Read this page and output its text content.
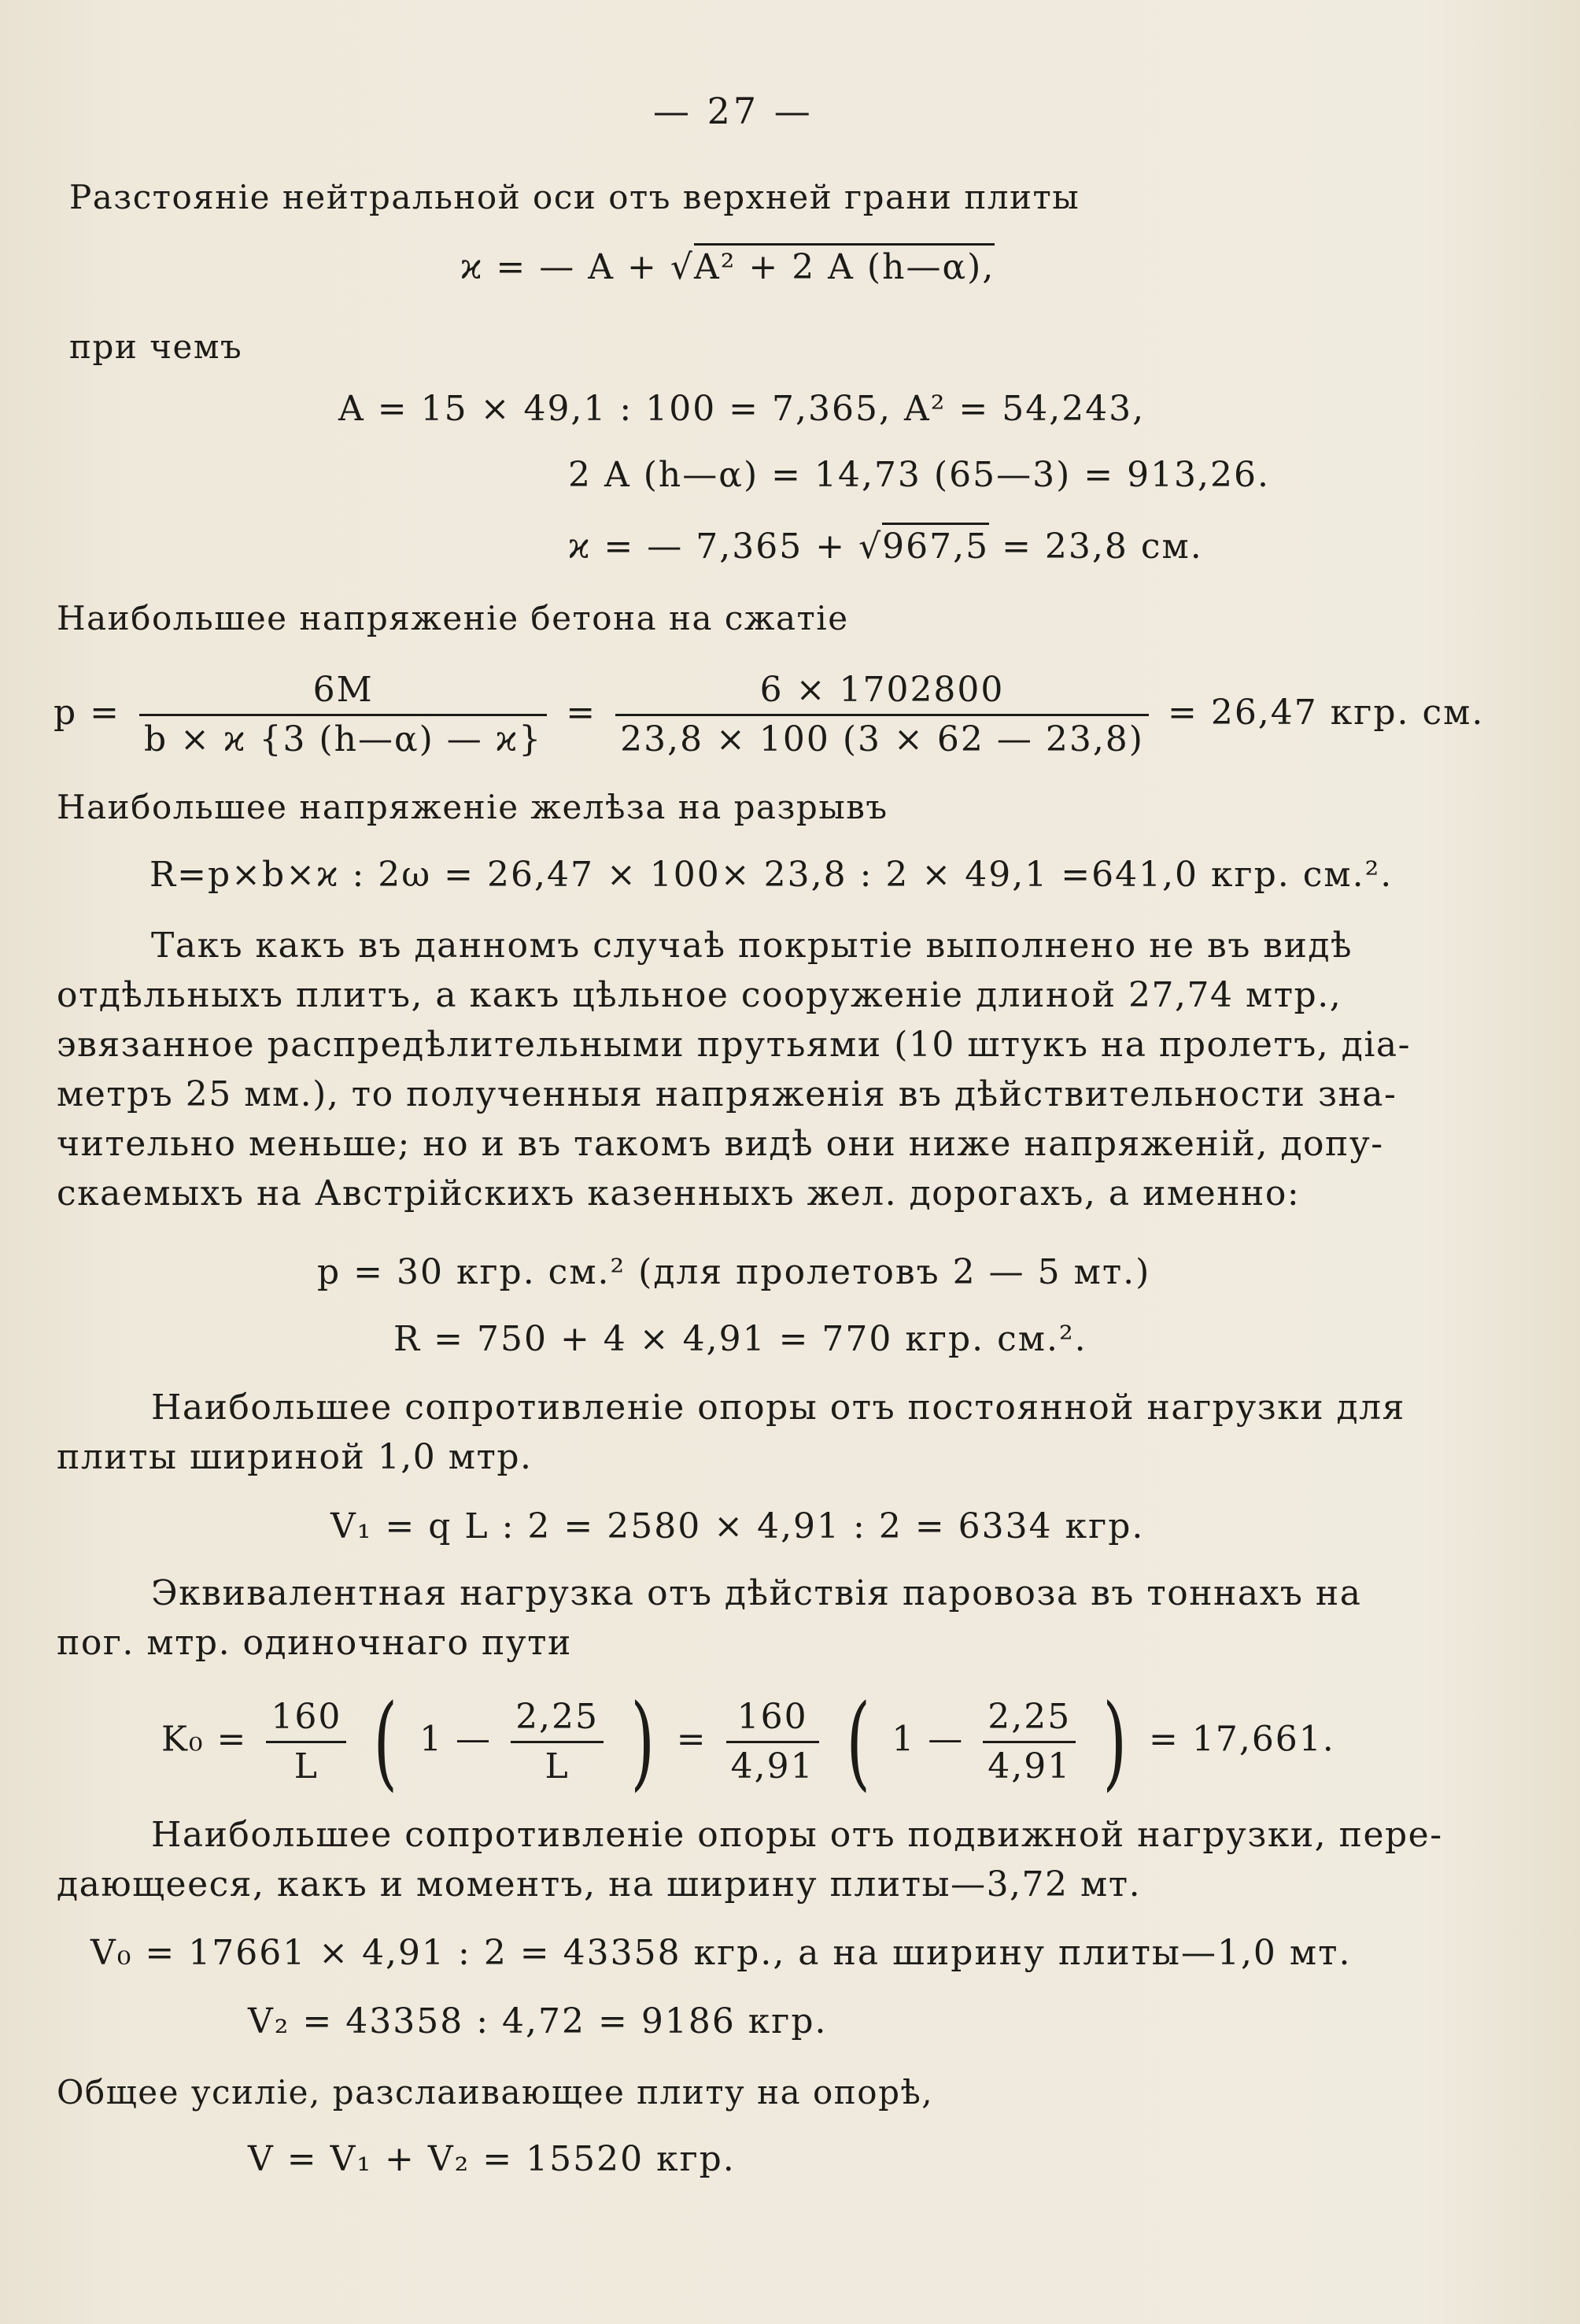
— 27 —
Разстояніе нейтральной оси отъ верхней грани плиты
ϰ = — A + √A² + 2 A (h—α),
при чемъ
A = 15 × 49,1 : 100 = 7,365, A² = 54,243,
2 A (h—α) = 14,73 (65—3) = 913,26.
ϰ = — 7,365 + √967,5 = 23,8 см.
Наибольшее напряженіе бетона на сжатіе
$p = \frac{6M}{b \times ϰ \{3 (h—\alpha) — ϰ\}} = \frac{6 \times 1702800}{23,8 \times 100 (3 \times 62 — 23,8)} = 26,47$ кгр. см.
Наибольшее напряженіе желѣза на разрывъ
R=p×b×ϰ : 2ω = 26,47 × 100× 23,8 : 2 × 49,1 =641,0 кгр. см.².
Такъ какъ въ данномъ случаѣ покрытіе выполнено не въ видѣ
отдѣльныхъ плитъ, а какъ цѣльное сооруженіе длиной 27,74 мтр.,
эвязанное распредѣлительными прутьями (10 штукъ на пролетъ, діа-
метръ 25 мм.), то полученныя напряженія въ дѣйствительности зна-
чительно меньше; но и въ такомъ видѣ они ниже напряженій, допу-
скаемыхъ на Австрійскихъ казенныхъ жел. дорогахъ, а именно:
p = 30 кгр. см.² (для пролетовъ 2 — 5 мт.)
R = 750 + 4 × 4,91 = 770 кгр. см.².
Наибольшее сопротивленіе опоры отъ постоянной нагрузки для
плиты шириной 1,0 мтр.
V₁ = q L : 2 = 2580 × 4,91 : 2 = 6334 кгр.
Эквивалентная нагрузка отъ дѣйствія паровоза въ тоннахъ на
пог. мтр. одиночнаго пути
$K_0 = \frac{160}{L}$ ( 1 — $\frac{2,25}{L}$ ) = $\frac{160}{4,91}$ ( 1 — $\frac{2,25}{4,91}$ ) = 17,661.
Наибольшее сопротивленіе опоры отъ подвижной нагрузки, пере-
дающееся, какъ и моментъ, на ширину плиты—3,72 мт.
V₀ = 17661 × 4,91 : 2 = 43358 кгр., а на ширину плиты—1,0 мт.
V₂ = 43358 : 4,72 = 9186 кгр.
Общее усиліе, разслаивающее плиту на опорѣ,
V = V₁ + V₂ = 15520 кгр.
